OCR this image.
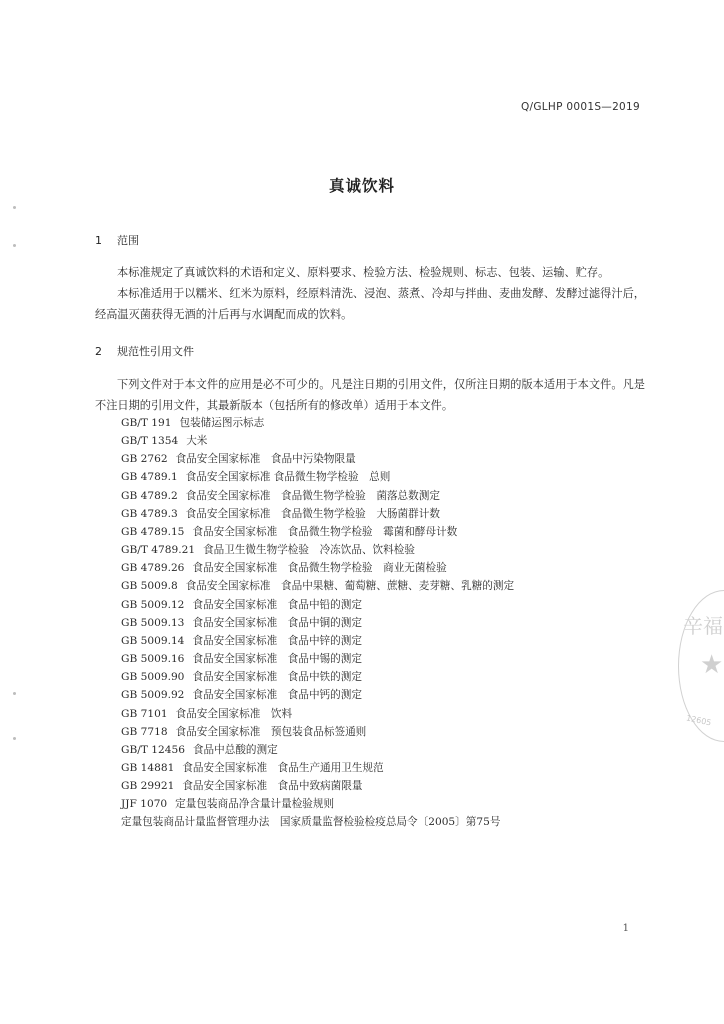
Q/GLHP 0001S—2019
真诚饮料
1 范围

本标准规定了真诚饮料的术语和定义、原料要求、检验方法、检验规则、标志、包装、运输、贮存。

本标准适用于以糯米、红米为原料，经原料清洗、浸泡、蒸煮、冷却与拌曲、麦曲发酵、发酵过滤得汁后，经高温灭菌获得无酒的汁后再与水调配而成的饮料。

2 规范性引用文件

下列文件对于本文件的应用是必不可少的。凡是注日期的引用文件，仅所注日期的版本适用于本文件。凡是不注日期的引用文件，其最新版本（包括所有的修改单）适用于本文件。

GB/T 191 包装储运图示标志
GB/T 1354 大米
GB 2762 食品安全国家标准　食品中污染物限量
GB 4789.1 食品安全国家标准 食品微生物学检验　总则
GB 4789.2 食品安全国家标准　食品微生物学检验　菌落总数测定
GB 4789.3 食品安全国家标准　食品微生物学检验　大肠菌群计数
GB 4789.15 食品安全国家标准　食品微生物学检验　霉菌和酵母计数
GB/T 4789.21 食品卫生微生物学检验　冷冻饮品、饮料检验
GB 4789.26 食品安全国家标准　食品微生物学检验　商业无菌检验
GB 5009.8 食品安全国家标准　食品中果糖、葡萄糖、蔗糖、麦芽糖、乳糖的测定
GB 5009.12 食品安全国家标准　食品中铅的测定
GB 5009.13 食品安全国家标准　食品中铜的测定
GB 5009.14 食品安全国家标准　食品中锌的测定
GB 5009.16 食品安全国家标准　食品中锡的测定
GB 5009.90 食品安全国家标准　食品中铁的测定
GB 5009.92 食品安全国家标准　食品中钙的测定
GB 7101 食品安全国家标准　饮料
GB 7718 食品安全国家标准　预包装食品标签通则
GB/T 12456 食品中总酸的测定
GB 14881 食品安全国家标准　食品生产通用卫生规范
GB 29921 食品安全国家标准　食品中致病菌限量
JJF 1070 定量包装商品净含量计量检验规则
定量包装商品计量监督管理办法　国家质量监督检验检疫总局令〔2005〕第75号
1
辛福
★
12605
